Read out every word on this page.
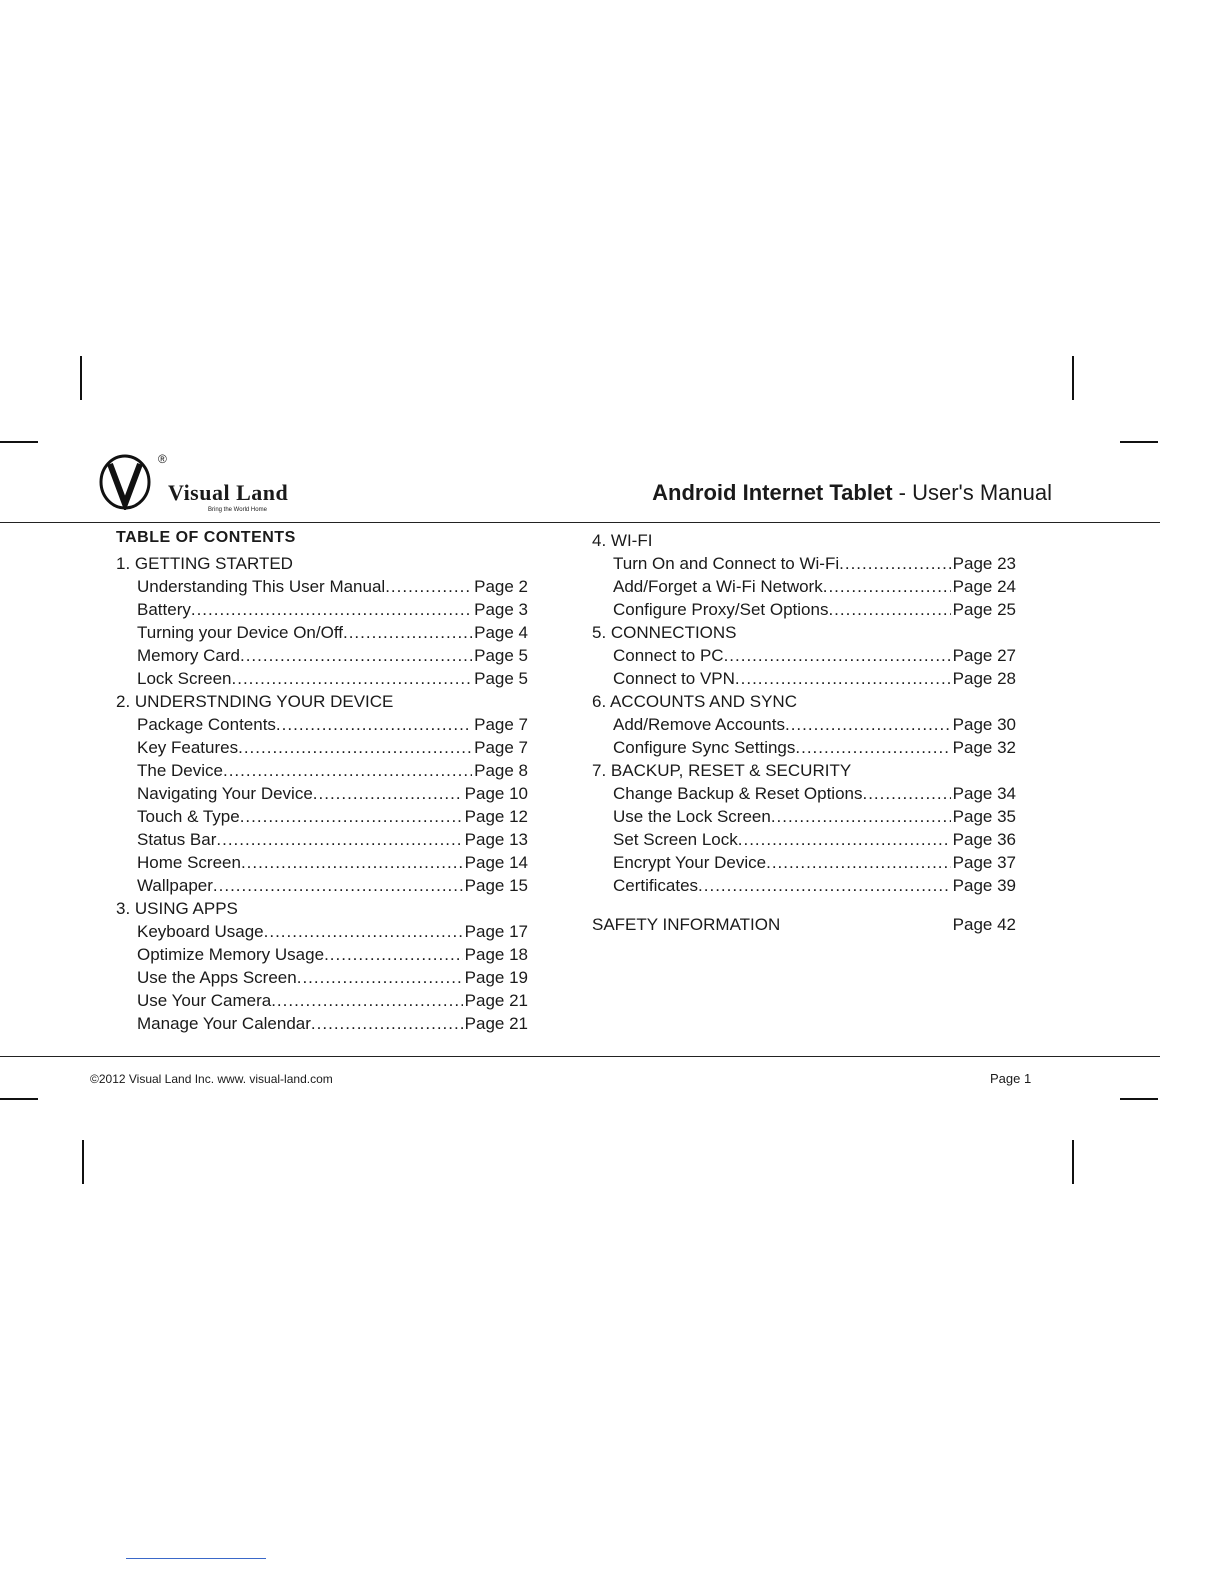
®
Visual Land
Bring the World Home
Android Internet Tablet - User's Manual
TABLE OF CONTENTS
1. GETTING STARTED
Understanding This User Manual .....	Page 2
Battery .....	Page 3
Turning your Device On/Off .....	Page 4
Memory Card .....	Page 5
Lock Screen .....	Page 5
2. UNDERSTNDING YOUR DEVICE
Package Contents .....	Page 7
Key Features .....	Page 7
The Device .....	Page 8
Navigating Your Device .....	Page 10
Touch & Type .....	Page 12
Status Bar .....	Page 13
Home Screen .....	Page 14
Wallpaper .....	Page 15
3. USING APPS
Keyboard Usage .....	Page 17
Optimize Memory Usage .....	Page 18
Use the Apps Screen .....	Page 19
Use Your Camera .....	Page 21
Manage Your Calendar .....	Page 21
4. WI-FI
Turn On and Connect to Wi-Fi .....	Page 23
Add/Forget a Wi-Fi Network .....	Page 24
Configure Proxy/Set Options .....	Page 25
5. CONNECTIONS
Connect to PC .....	Page 27
Connect to VPN .....	Page 28
6. ACCOUNTS AND SYNC
Add/Remove Accounts .....	Page 30
Configure Sync Settings .....	Page 32
7. BACKUP, RESET & SECURITY
Change Backup & Reset Options .....	Page 34
Use the Lock Screen .....	Page 35
Set Screen Lock .....	Page 36
Encrypt Your Device .....	Page 37
Certificates .....	Page 39
SAFETY INFORMATION	Page 42
©2012 Visual Land Inc. www. visual-land.com	Page 1
